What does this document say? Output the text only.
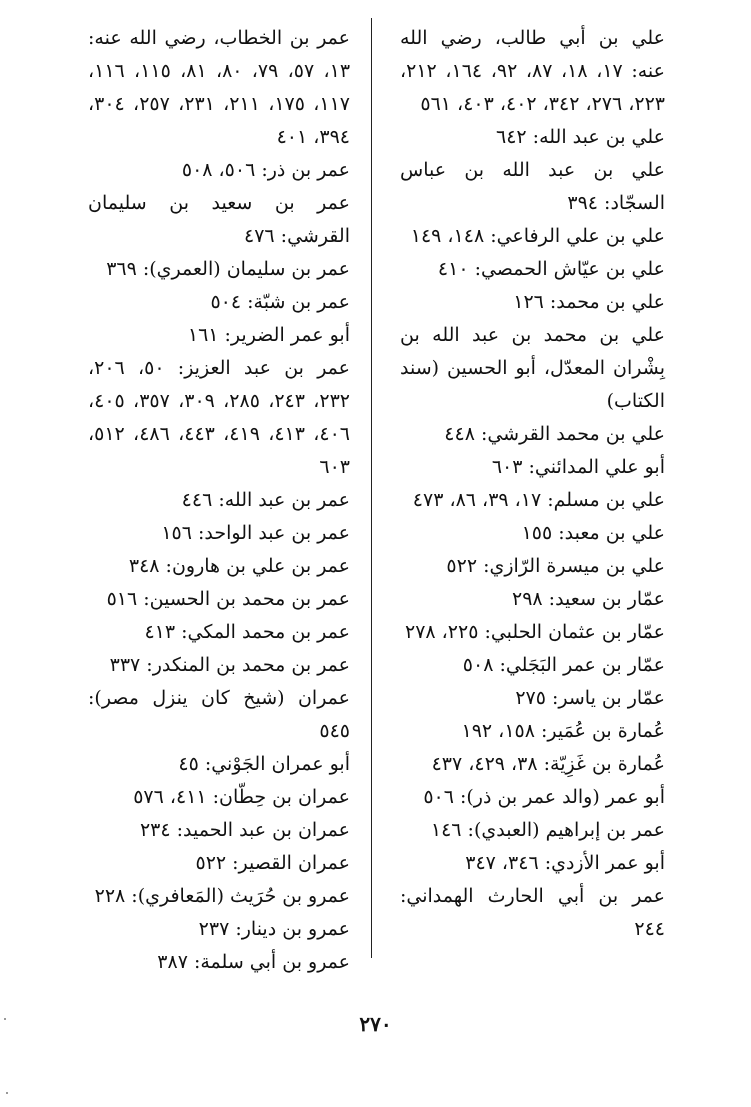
علي بن أبي طالب، رضي الله عنه: ١٧، ١٨، ٨٧، ٩٢، ١٦٤، ٢١٢، ٢٢٣، ٢٧٦، ٣٤٢، ٤٠٢، ٤٠٣، ٥٦١

علي بن عبد الله: ٦٤٢

علي بن عبد الله بن عباس السجّاد: ٣٩٤

علي بن علي الرفاعي: ١٤٨، ١٤٩

علي بن عيّاش الحمصي: ٤١٠

علي بن محمد: ١٢٦

علي بن محمد بن عبد الله بن بِشْران المعدّل، أبو الحسين (سند الكتاب)

علي بن محمد القرشي: ٤٤٨

أبو علي المدائني: ٦٠٣

علي بن مسلم: ١٧، ٣٩، ٨٦، ٤٧٣

علي بن معبد: ١٥٥

علي بن ميسرة الرّازي: ٥٢٢

عمّار بن سعيد: ٢٩٨

عمّار بن عثمان الحلبي: ٢٢٥، ٢٧٨

عمّار بن عمر البَجَلي: ٥٠٨

عمّار بن ياسر: ٢٧٥

عُمارة بن عُمَير: ١٥٨، ١٩٢

عُمارة بن غَزِيّة: ٣٨، ٤٢٩، ٤٣٧

أبو عمر (والد عمر بن ذر): ٥٠٦

عمر بن إبراهيم (العبدي): ١٤٦

أبو عمر الأزدي: ٣٤٦، ٣٤٧

عمر بن أبي الحارث الهمداني: ٢٤٤

عمر بن الخطاب، رضي الله عنه: ١٣، ٥٧، ٧٩، ٨٠، ٨١، ١١٥، ١١٦، ١١٧، ١٧٥، ٢١١، ٢٣١، ٢٥٧، ٣٠٤، ٣٩٤، ٤٠١

عمر بن ذر: ٥٠٦، ٥٠٨

عمر بن سعيد بن سليمان القرشي: ٤٧٦

عمر بن سليمان (العمري): ٣٦٩

عمر بن شبّة: ٥٠٤

أبو عمر الضرير: ١٦١

عمر بن عبد العزيز: ٥٠، ٢٠٦، ٢٣٢، ٢٤٣، ٢٨٥، ٣٠٩، ٣٥٧، ٤٠٥، ٤٠٦، ٤١٣، ٤١٩، ٤٤٣، ٤٨٦، ٥١٢، ٦٠٣

عمر بن عبد الله: ٤٤٦

عمر بن عبد الواحد: ١٥٦

عمر بن علي بن هارون: ٣٤٨

عمر بن محمد بن الحسين: ٥١٦

عمر بن محمد المكي: ٤١٣

عمر بن محمد بن المنكدر: ٣٣٧

عمران (شيخ كان ينزل مصر): ٥٤٥

أبو عمران الجَوْني: ٤٥

عمران بن حِطّان: ٤١١، ٥٧٦

عمران بن عبد الحميد: ٢٣٤

عمران القصير: ٥٢٢

عمرو بن حُرَيث (المَعافري): ٢٢٨

عمرو بن دينار: ٢٣٧

عمرو بن أبي سلمة: ٣٨٧

٢٧٠
